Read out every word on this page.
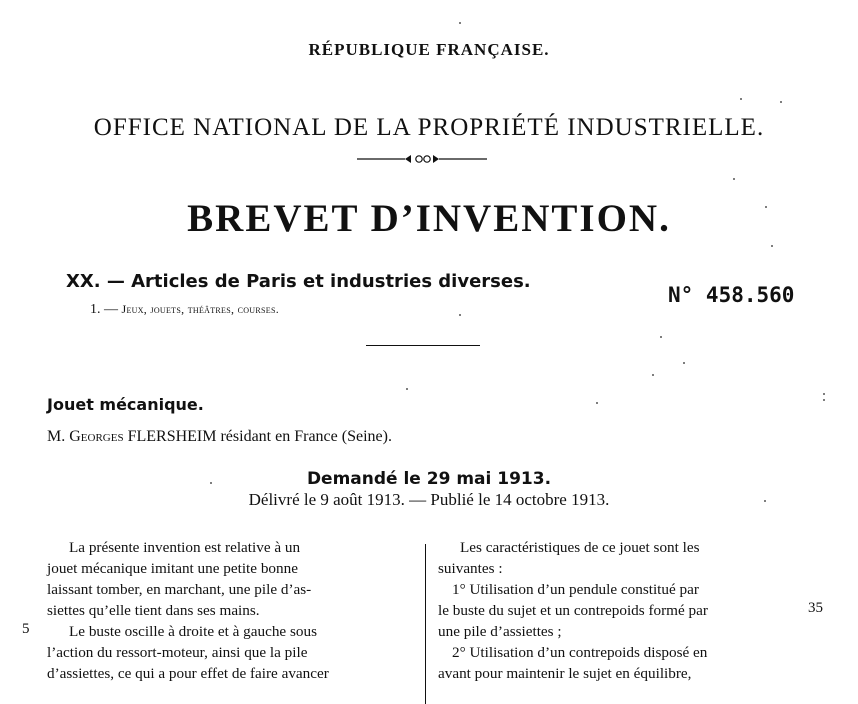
RÉPUBLIQUE FRANÇAISE.
OFFICE NATIONAL DE LA PROPRIÉTÉ INDUSTRIELLE.
BREVET D’INVENTION.
XX. — Articles de Paris et industries diverses.
1. — Jeux, jouets, théâtres, courses.
N° 458.560
Jouet mécanique.
M. Georges FLERSHEIM résidant en France (Seine).
Demandé le 29 mai 1913.
Délivré le 9 août 1913. — Publié le 14 octobre 1913.
La présente invention est relative à un
jouet mécanique imitant une petite bonne
laissant tomber, en marchant, une pile d’as-
siettes qu’elle tient dans ses mains.
Le buste oscille à droite et à gauche sous
l’action du ressort-moteur, ainsi que la pile
d’assiettes, ce qui a pour effet de faire avancer
Les caractéristiques de ce jouet sont les
suivantes :
1° Utilisation d’un pendule constitué par
le buste du sujet et un contrepoids formé par
une pile d’assiettes ;
2° Utilisation d’un contrepoids disposé en
avant pour maintenir le sujet en équilibre,
5
35
